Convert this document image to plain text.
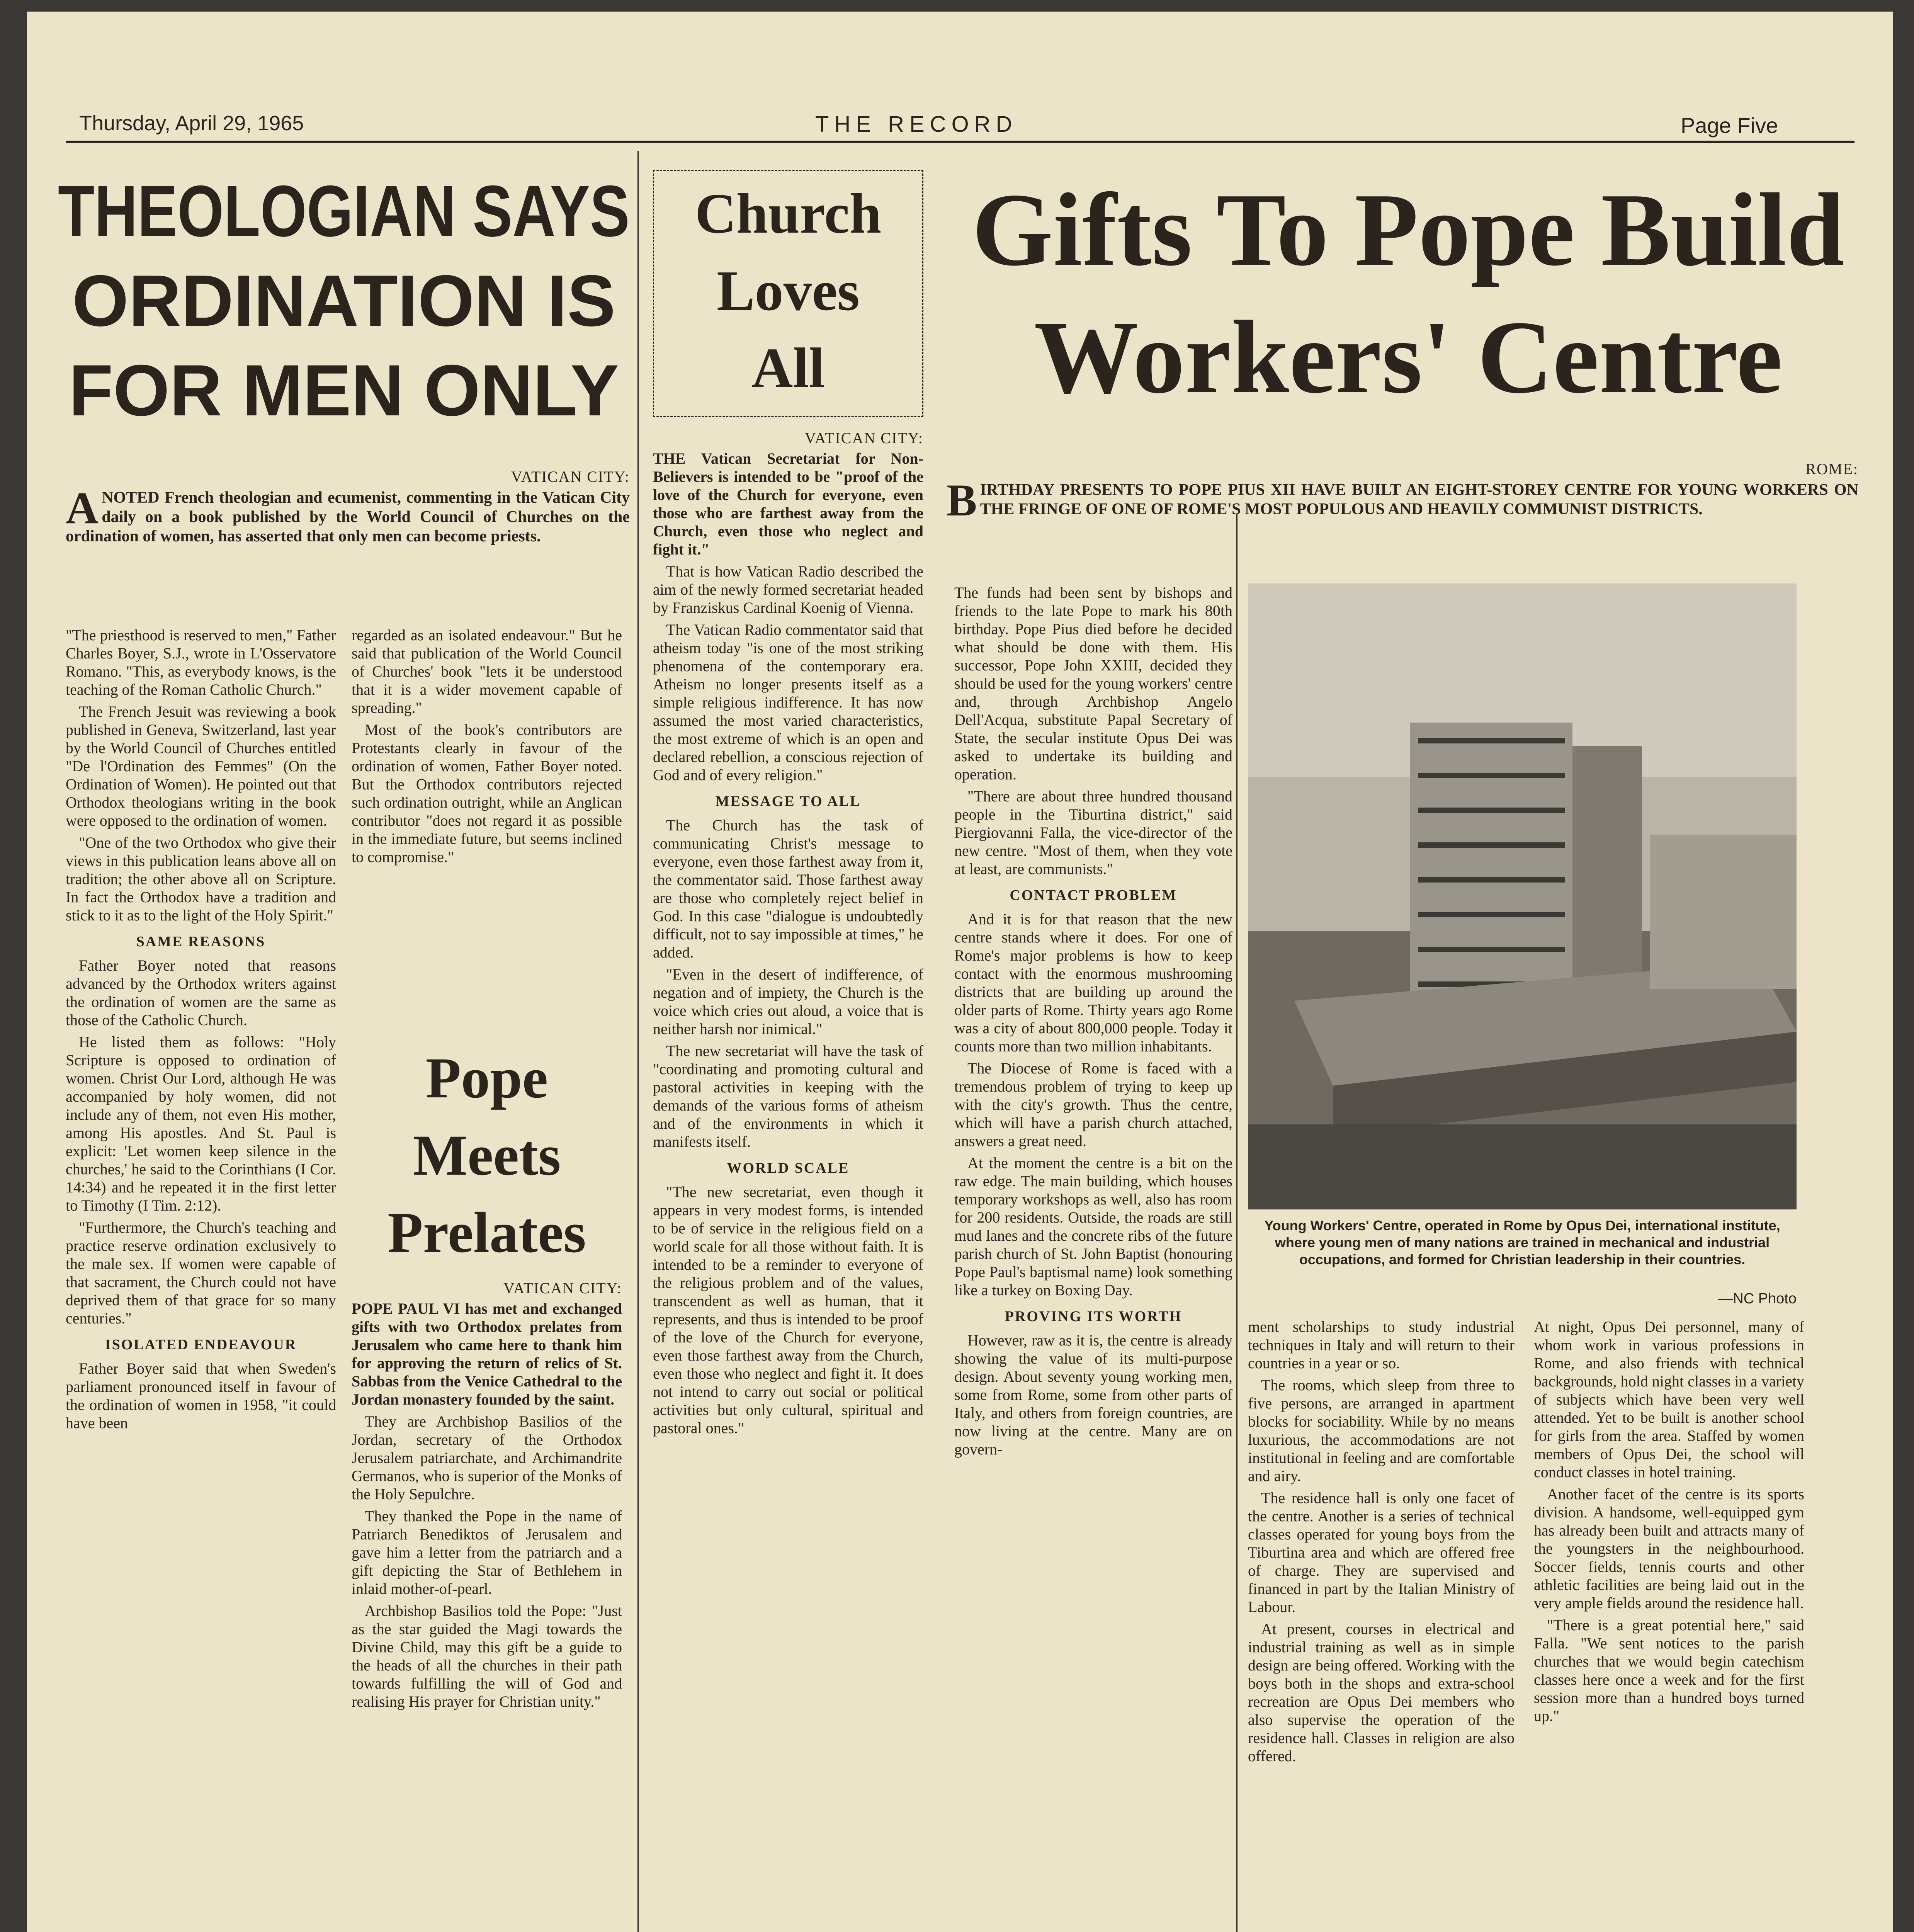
Thursday, April 29, 1965	THE RECORD	Page Five
THEOLOGIAN SAYS
ORDINATION IS
FOR MEN ONLY
VATICAN CITY:
ANOTED French theologian and ecumenist, commenting in the Vatican City daily on a book published by the World Council of Churches on the ordination of women, has asserted that only men can become priests.

"The priesthood is reserved to men," Father Charles Boyer, S.J., wrote in L'Osservatore Romano. "This, as everybody knows, is the teaching of the Roman Catholic Church."

The French Jesuit was reviewing a book published in Geneva, Switzerland, last year by the World Council of Churches entitled "De l'Ordination des Femmes" (On the Ordination of Women). He pointed out that Orthodox theologians writing in the book were opposed to the ordination of women.

"One of the two Orthodox who give their views in this publication leans above all on tradition; the other above all on Scripture. In fact the Orthodox have a tradition and stick to it as to the light of the Holy Spirit."

SAME REASONS

Father Boyer noted that reasons advanced by the Orthodox writers against the ordination of women are the same as those of the Catholic Church.

He listed them as follows: "Holy Scripture is opposed to ordination of women. Christ Our Lord, although He was accompanied by holy women, did not include any of them, not even His mother, among His apostles. And St. Paul is explicit: 'Let women keep silence in the churches,' he said to the Corinthians (I Cor. 14:34) and he repeated it in the first letter to Timothy (I Tim. 2:12).

"Furthermore, the Church's teaching and practice reserve ordination exclusively to the male sex. If women were capable of that sacrament, the Church could not have deprived them of that grace for so many centuries."

ISOLATED ENDEAVOUR

Father Boyer said that when Sweden's parliament pronounced itself in favour of the ordination of women in 1958, "it could have been

regarded as an isolated endeavour." But he said that publication of the World Council of Churches' book "lets it be understood that it is a wider movement capable of spreading."

Most of the book's contributors are Protestants clearly in favour of the ordination of women, Father Boyer noted. But the Orthodox contributors rejected such ordination outright, while an Anglican contributor "does not regard it as possible in the immediate future, but seems inclined to compromise."

Pope
Meets
Prelates
VATICAN CITY:

POPE PAUL VI has met and exchanged gifts with two Orthodox prelates from Jerusalem who came here to thank him for approving the return of relics of St. Sabbas from the Venice Cathedral to the Jordan monastery founded by the saint.

They are Archbishop Basilios of the Jordan, secretary of the Orthodox Jerusalem patriarchate, and Archimandrite Germanos, who is superior of the Monks of the Holy Sepulchre.

They thanked the Pope in the name of Patriarch Benediktos of Jerusalem and gave him a letter from the patriarch and a gift depicting the Star of Bethlehem in inlaid mother-of-pearl.

Archbishop Basilios told the Pope: "Just as the star guided the Magi towards the Divine Child, may this gift be a guide to the heads of all the churches in their path towards fulfilling the will of God and realising His prayer for Christian unity."

Church
Loves
All
VATICAN CITY:

THE Vatican Secretariat for Non-Believers is intended to be "proof of the love of the Church for everyone, even those who are farthest away from the Church, even those who neglect and fight it."

That is how Vatican Radio described the aim of the newly formed secretariat headed by Franziskus Cardinal Koenig of Vienna.

The Vatican Radio commentator said that atheism today "is one of the most striking phenomena of the contemporary era. Atheism no longer presents itself as a simple religious indifference. It has now assumed the most varied characteristics, the most extreme of which is an open and declared rebellion, a conscious rejection of God and of every religion."

MESSAGE TO ALL

The Church has the task of communicating Christ's message to everyone, even those farthest away from it, the commentator said. Those farthest away are those who completely reject belief in God. In this case "dialogue is undoubtedly difficult, not to say impossible at times," he added.

"Even in the desert of indifference, of negation and of impiety, the Church is the voice which cries out aloud, a voice that is neither harsh nor inimical."

The new secretariat will have the task of "coordinating and promoting cultural and pastoral activities in keeping with the demands of the various forms of atheism and of the environments in which it manifests itself.

WORLD SCALE

"The new secretariat, even though it appears in very modest forms, is intended to be of service in the religious field on a world scale for all those without faith. It is intended to be a reminder to everyone of the religious problem and of the values, transcendent as well as human, that it represents, and thus is intended to be proof of the love of the Church for everyone, even those farthest away from the Church, even those who neglect and fight it. It does not intend to carry out social or political activities but only cultural, spiritual and pastoral ones."

Gifts To Pope Build
Workers' Centre
ROME:
BIRTHDAY PRESENTS TO POPE PIUS XII HAVE BUILT AN EIGHT-STOREY CENTRE FOR YOUNG WORKERS ON THE FRINGE OF ONE OF ROME'S MOST POPULOUS AND HEAVILY COMMUNIST DISTRICTS.

The funds had been sent by bishops and friends to the late Pope to mark his 80th birthday. Pope Pius died before he decided what should be done with them. His successor, Pope John XXIII, decided they should be used for the young workers' centre and, through Archbishop Angelo Dell'Acqua, substitute Papal Secretary of State, the secular institute Opus Dei was asked to undertake its building and operation.

"There are about three hundred thousand people in the Tiburtina district," said Piergiovanni Falla, the vice-director of the new centre. "Most of them, when they vote at least, are communists."

CONTACT PROBLEM

And it is for that reason that the new centre stands where it does. For one of Rome's major problems is how to keep contact with the enormous mushrooming districts that are building up around the older parts of Rome. Thirty years ago Rome was a city of about 800,000 people. Today it counts more than two million inhabitants.

The Diocese of Rome is faced with a tremendous problem of trying to keep up with the city's growth. Thus the centre, which will have a parish church attached, answers a great need.

At the moment the centre is a bit on the raw edge. The main building, which houses temporary workshops as well, also has room for 200 residents. Outside, the roads are still mud lanes and the concrete ribs of the future parish church of St. John Baptist (honouring Pope Paul's baptismal name) look something like a turkey on Boxing Day.

PROVING ITS WORTH

However, raw as it is, the centre is already showing the value of its multi-purpose design. About seventy young working men, some from Rome, some from other parts of Italy, and others from foreign countries, are now living at the centre. Many are on govern-

Young Workers' Centre, operated in Rome by Opus Dei, international institute, where young men of many nations are trained in mechanical and industrial occupations, and formed for Christian leadership in their countries.
—NC Photo

ment scholarships to study industrial techniques in Italy and will return to their countries in a year or so.

The rooms, which sleep from three to five persons, are arranged in apartment blocks for sociability. While by no means luxurious, the accommodations are not institutional in feeling and are comfortable and airy.

The residence hall is only one facet of the centre. Another is a series of technical classes operated for young boys from the Tiburtina area and which are offered free of charge. They are supervised and financed in part by the Italian Ministry of Labour.

At present, courses in electrical and industrial training as well as in simple design are being offered. Working with the boys both in the shops and extra-school recreation are Opus Dei members who also supervise the operation of the residence hall. Classes in religion are also offered.

At night, Opus Dei personnel, many of whom work in various professions in Rome, and also friends with technical backgrounds, hold night classes in a variety of subjects which have been very well attended. Yet to be built is another school for girls from the area. Staffed by women members of Opus Dei, the school will conduct classes in hotel training.

Another facet of the centre is its sports division. A handsome, well-equipped gym has already been built and attracts many of the youngsters in the neighbourhood. Soccer fields, tennis courts and other athletic facilities are being laid out in the very ample fields around the residence hall.

"There is a great potential here," said Falla. "We sent notices to the parish churches that we would begin catechism classes here once a week and for the first session more than a hundred boys turned up."
